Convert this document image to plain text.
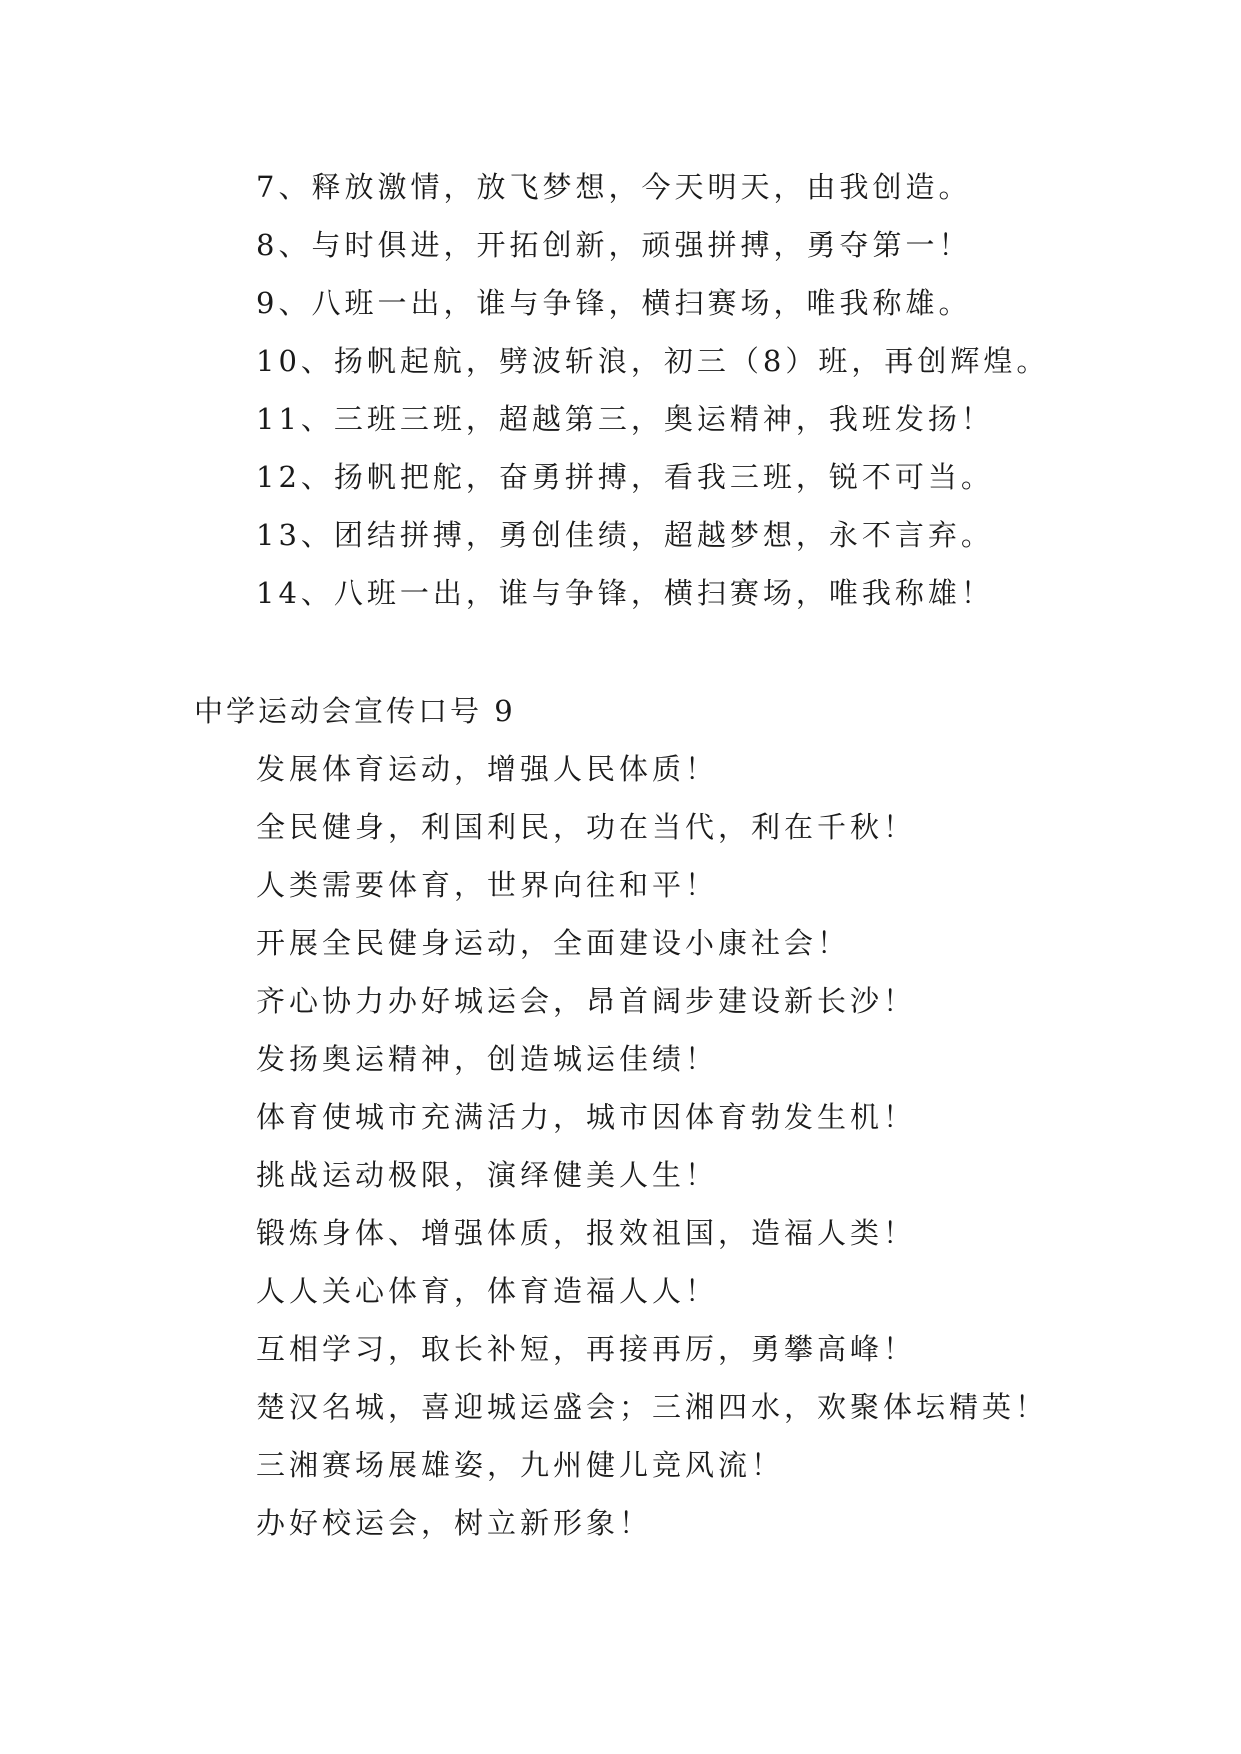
7、释放激情，放飞梦想，今天明天，由我创造。
8、与时俱进，开拓创新，顽强拼搏，勇夺第一！
9、八班一出，谁与争锋，横扫赛场，唯我称雄。
10、扬帆起航，劈波斩浪，初三（8）班，再创辉煌。
11、三班三班，超越第三，奥运精神，我班发扬！
12、扬帆把舵，奋勇拼搏，看我三班，锐不可当。
13、团结拼搏，勇创佳绩，超越梦想，永不言弃。
14、八班一出，谁与争锋，横扫赛场，唯我称雄！
中学运动会宣传口号 9
发展体育运动，增强人民体质！
全民健身，利国利民，功在当代，利在千秋！
人类需要体育，世界向往和平！
开展全民健身运动，全面建设小康社会！
齐心协力办好城运会，昂首阔步建设新长沙！
发扬奥运精神，创造城运佳绩！
体育使城市充满活力，城市因体育勃发生机！
挑战运动极限，演绎健美人生！
锻炼身体、增强体质，报效祖国，造福人类！
人人关心体育，体育造福人人！
互相学习，取长补短，再接再厉，勇攀高峰！
楚汉名城，喜迎城运盛会；三湘四水，欢聚体坛精英！
三湘赛场展雄姿，九州健儿竞风流！
办好校运会，树立新形象！
